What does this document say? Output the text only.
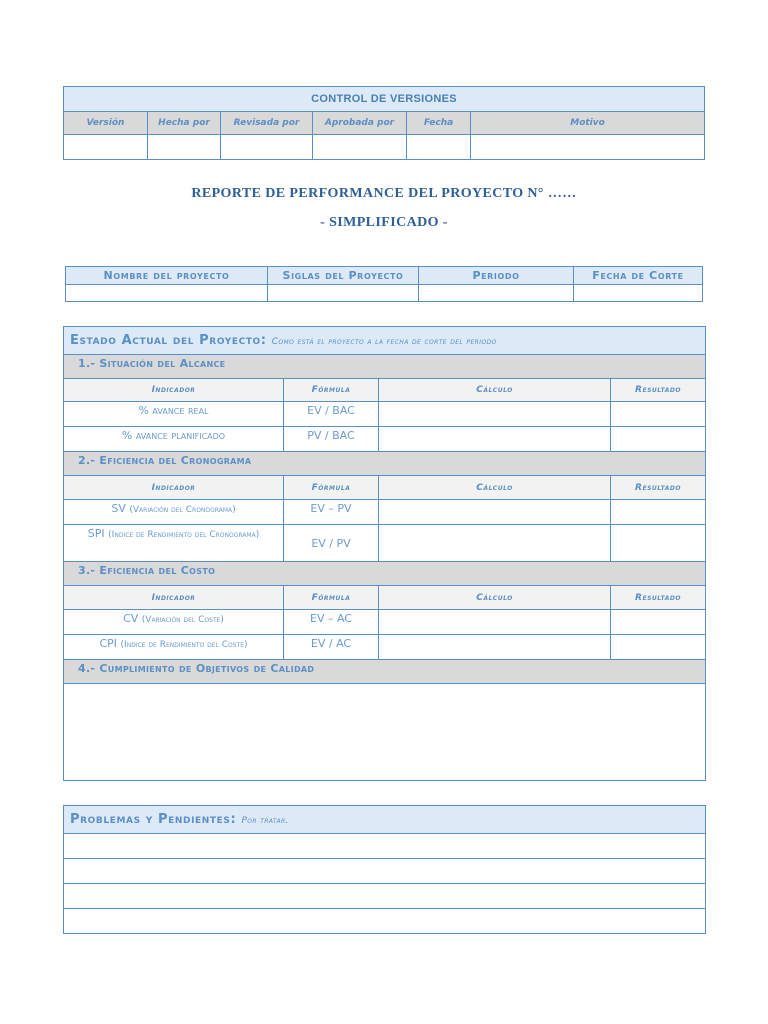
CONTROL DE VERSIONES					
Versión	Hecha por	Revisada por	Aprobada por	Fecha	Motivo

REPORTE DE PERFORMANCE DEL PROYECTO N° ……
- SIMPLIFICADO -
Nombre del proyecto	Siglas del Proyecto	Periodo	Fecha de Corte

Estado Actual del Proyecto: Como está el proyecto a la fecha de corte del periodo			
1.- Situación del Alcance			
Indicador	Fórmula	Cálculo	Resultado
% avance real	EV / BAC		
% avance planificado	PV / BAC		
2.- Eficiencia del Cronograma			
Indicador	Fórmula	Cálculo	Resultado
SV (Variación del Cronograma)	EV – PV		
SPI (Indice de Rendimiento del Cronograma)	EV / PV		
3.- Eficiencia del Costo			
Indicador	Fórmula	Cálculo	Resultado
CV (Variación del Coste)	EV – AC		
CPI (Indice de Rendimiento del Coste)	EV / AC		
4.- Cumplimiento de Objetivos de Calidad			

Problemas y Pendientes: Por tratar.
